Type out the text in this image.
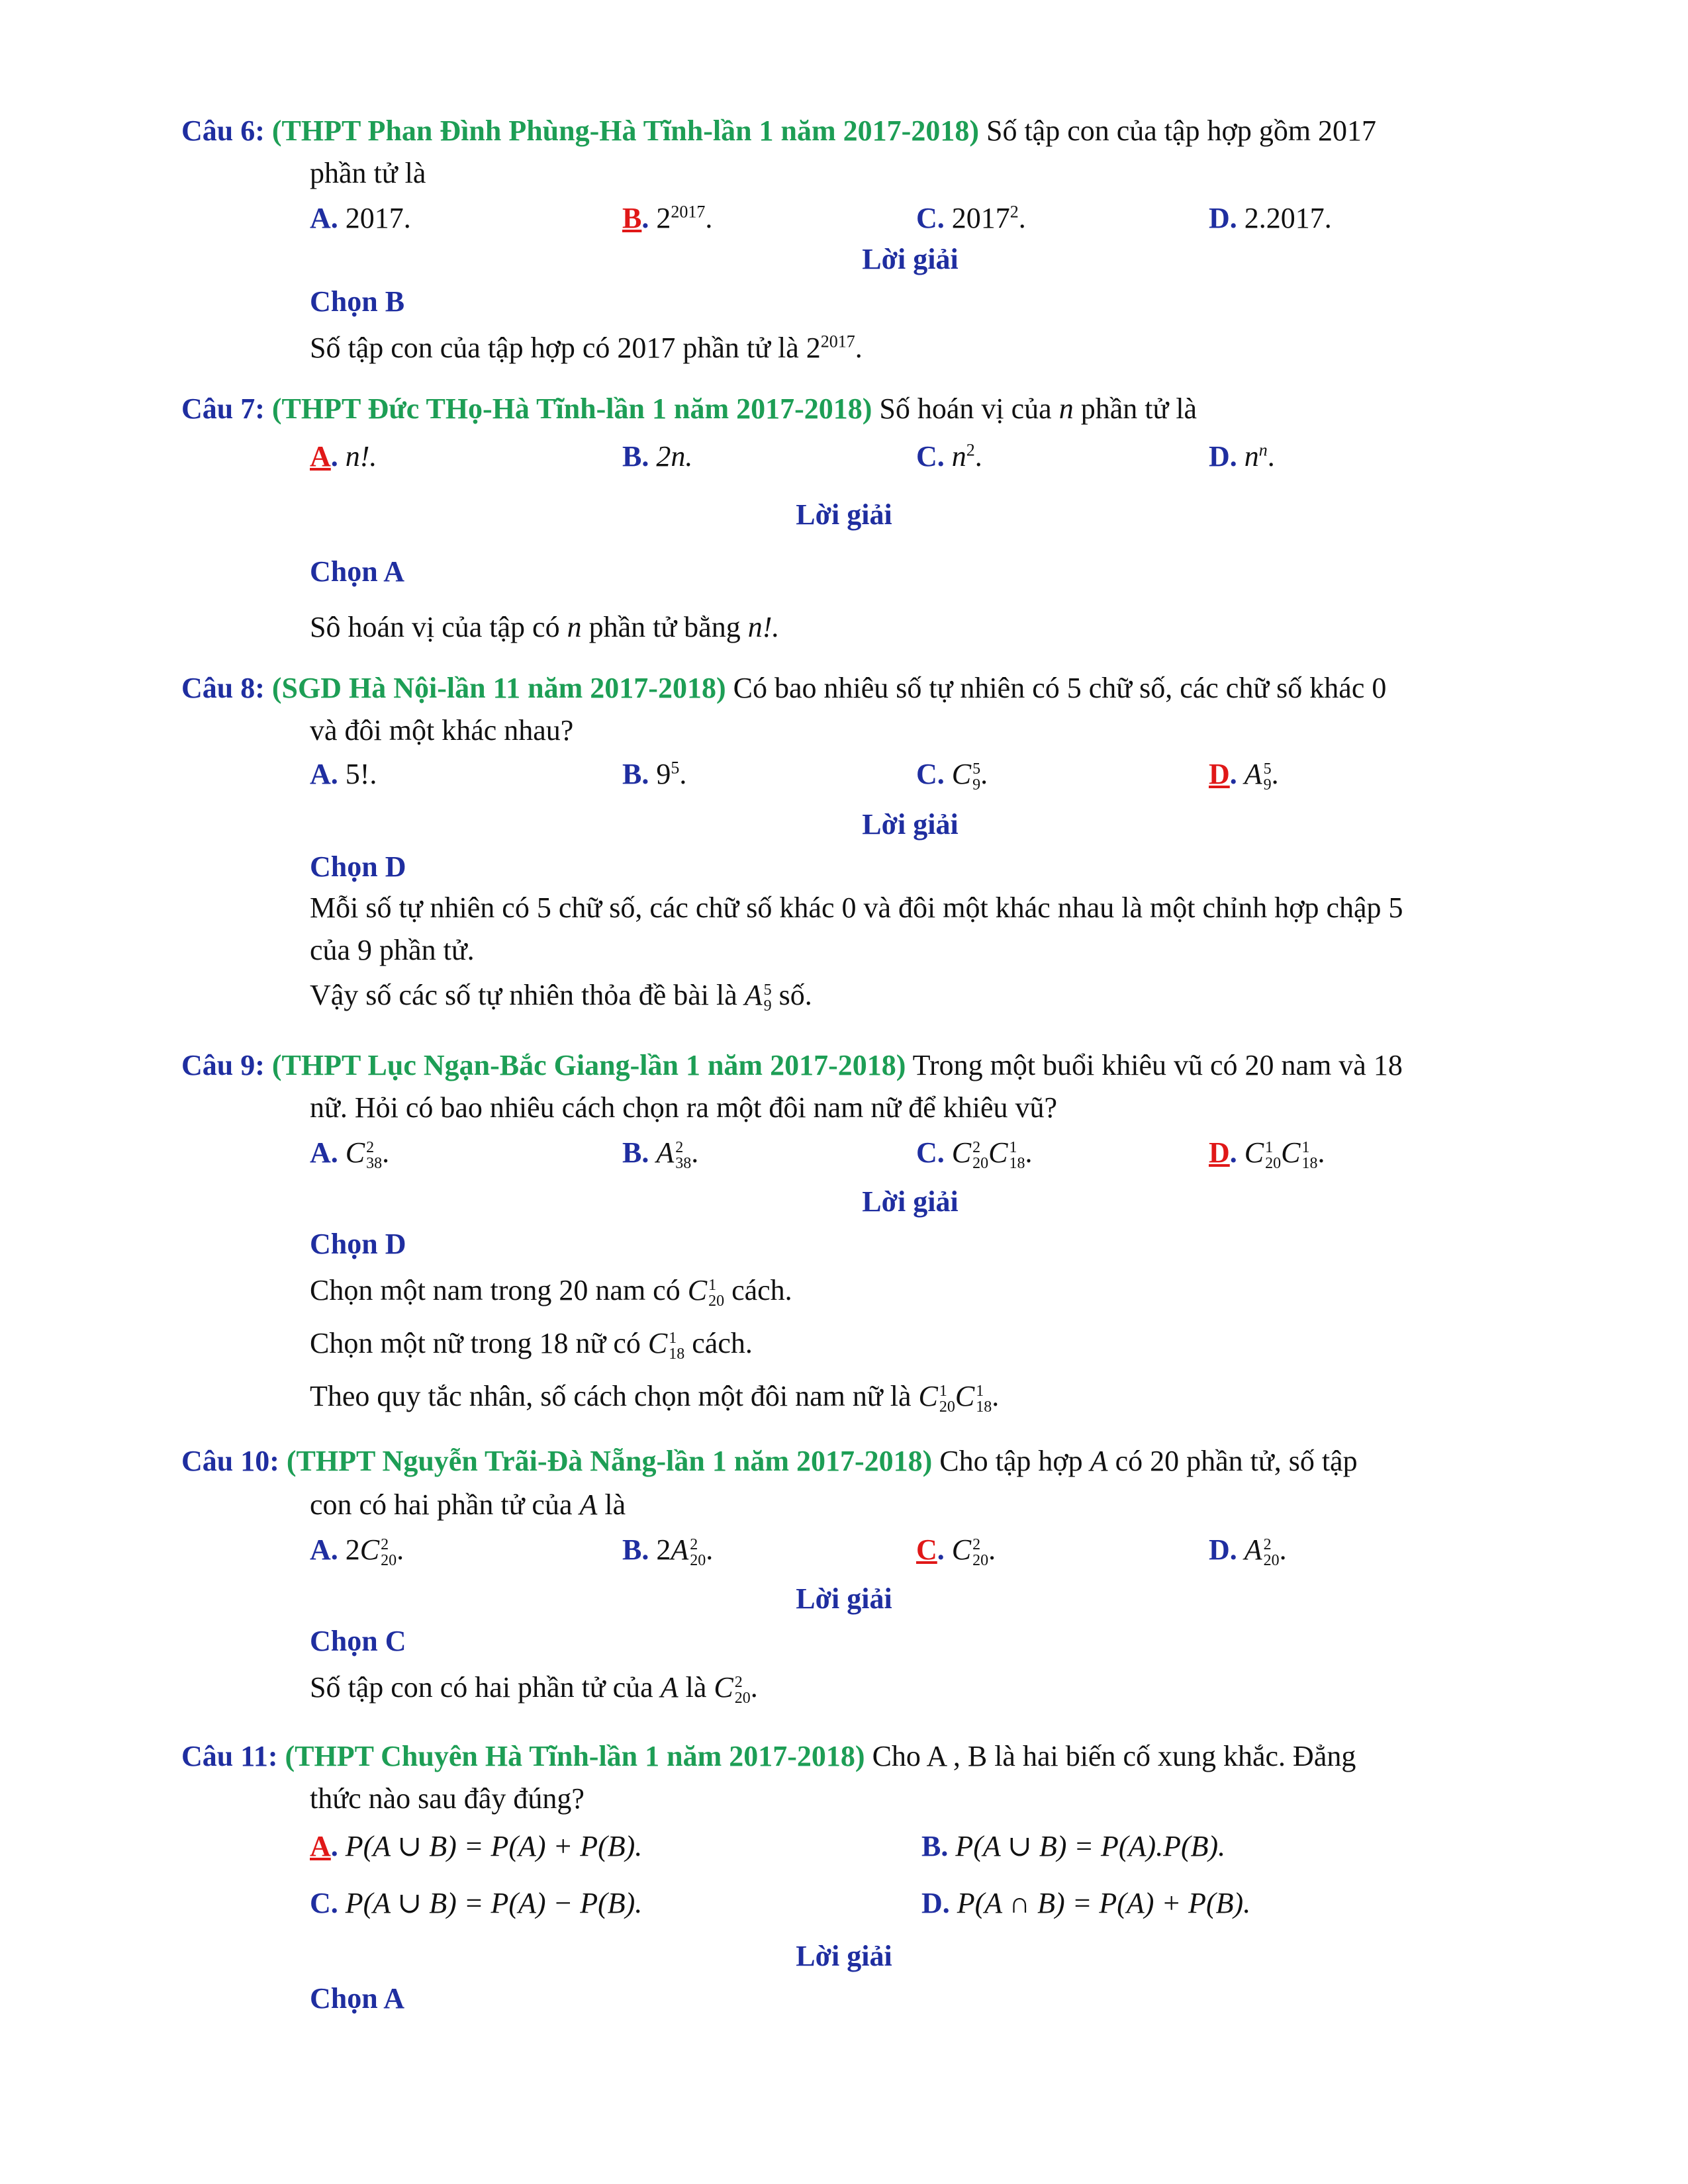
Câu 6: (THPT Phan Đình Phùng-Hà Tĩnh-lần 1 năm 2017-2018) Số tập con của tập hợp gồm 2017
phần tử là
A. 2017.	B. $2^{2017}$.	C. 2017$^2$.	D. 2.2017.
Lời giải
Chọn B
Số tập con của tập hợp có 2017 phần tử là $2^{2017}$.
Câu 7: (THPT Đức THọ-Hà Tĩnh-lần 1 năm 2017-2018) Số hoán vị của n phần tử là
A. n!.	B. 2n.	C. $n^2$.	D. $n^n$.
Lời giải
Chọn A
Sô hoán vị của tập có n phần tử bằng n!.
Câu 8: (SGD Hà Nội-lần 11 năm 2017-2018) Có bao nhiêu số tự nhiên có 5 chữ số, các chữ số khác 0
và đôi một khác nhau?
A. 5!.	B. $9^5$.	C. C 5
9 .	D. A 5
9 .
Lời giải
Chọn D
Mỗi số tự nhiên có 5 chữ số, các chữ số khác 0 và đôi một khác nhau là một chỉnh hợp chập 5
của 9 phần tử.
Vậy số các số tự nhiên thỏa đề bài là A 5
9 số.
Câu 9: (THPT Lục Ngạn-Bắc Giang-lần 1 năm 2017-2018) Trong một buổi khiêu vũ có 20 nam và 18
nữ. Hỏi có bao nhiêu cách chọn ra một đôi nam nữ để khiêu vũ?
A. C 2
38 .	B. A 2
38 .	C. C 2
20 C 1
18 .	D. C 1
20 C 1
18 .
Lời giải
Chọn D
Chọn một nam trong 20 nam có C 1
20 cách.
Chọn một nữ trong 18 nữ có C 1
18 cách.
Theo quy tắc nhân, số cách chọn một đôi nam nữ là C 1
20 C 1
18 .
Câu 10: (THPT Nguyễn Trãi-Đà Nẵng-lần 1 năm 2017-2018) Cho tập hợp A có 20 phần tử, số tập
con có hai phần tử của A là
A. 2C 2
20 .	B. 2A 2
20 .	C. C 2
20 .	D. A 2
20 .
Lời giải
Chọn C
Số tập con có hai phần tử của A là C 2
20 .
Câu 11: (THPT Chuyên Hà Tĩnh-lần 1 năm 2017-2018) Cho A , B là hai biến cố xung khắc. Đẳng
thức nào sau đây đúng?
A. P(A ∪ B) = P(A) + P(B).	B. P(A ∪ B) = P(A).P(B).
C. P(A ∪ B) = P(A) − P(B).	D. P(A ∩ B) = P(A) + P(B).
Lời giải
Chọn A
